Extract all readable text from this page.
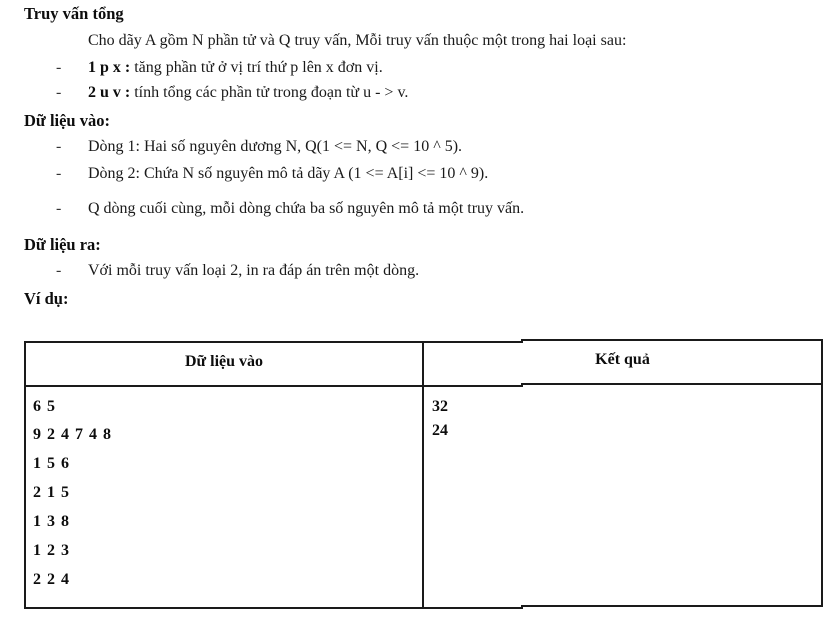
Truy vấn tổng
Cho dãy A gồm N phần tử và Q truy vấn, Mỗi truy vấn thuộc một trong hai loại sau:
- 1 p x : tăng phần tử ở vị trí thứ p lên x đơn vị.
- 2 u v : tính tổng các phần tử trong đoạn từ u - > v.
Dữ liệu vào:
- Dòng 1: Hai số nguyên dương N, Q(1 <= N, Q <= 10 ^ 5).
- Dòng 2: Chứa N số nguyên mô tả dãy A (1 <= A[i] <= 10 ^ 9).
- Q dòng cuối cùng, mỗi dòng chứa ba số nguyên mô tả một truy vấn.
Dữ liệu ra:
- Với mỗi truy vấn loại 2, in ra đáp án trên một dòng.
Ví dụ:
Dữ liệu vào	Kết quả
6 5
9 2 4 7 4 8
1 5 6
2 1 5
1 3 8
1 2 3
2 2 4
32
24
